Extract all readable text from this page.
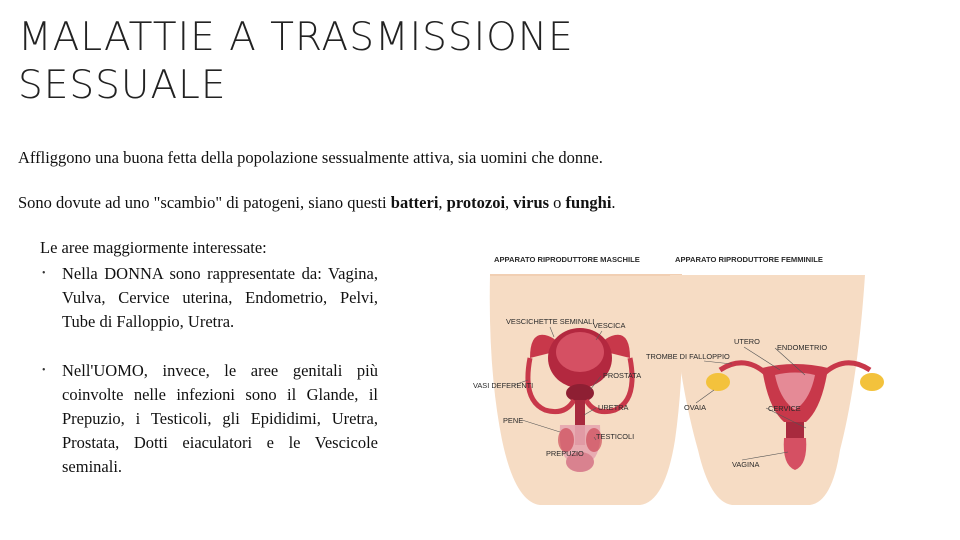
MALATTIE A TRASMISSIONE
SESSUALE

Affliggono una buona fetta della popolazione sessualmente attiva, sia uomini che donne.

Sono dovute ad uno "scambio" di patogeni, siano questi batteri, protozoi, virus o funghi.

Le aree maggiormente interessate:

• Nella DONNA sono rappresentate da: Vagina, Vulva, Cervice uterina, Endometrio, Pelvi, Tube di Falloppio, Uretra.
• Nell'UOMO, invece, le aree genitali più coinvolte nelle infezioni sono il Glande, il Prepuzio, i Testicoli, gli Epididimi, Uretra, Prostata, Dotti eiaculatori e le Vescicole seminali.
APPARATO RIPRODUTTORE MASCHILE	APPARATO RIPRODUTTORE FEMMINILE
VESCICHETTE SEMINALI
VESCICA
PROSTATA
VASI DEFERENTI
URETRA
PENE
TESTICOLI
PREPUZIO
UTERO
ENDOMETRIO
TROMBE DI FALLOPPIO
OVAIA	CERVICE
VAGINA
